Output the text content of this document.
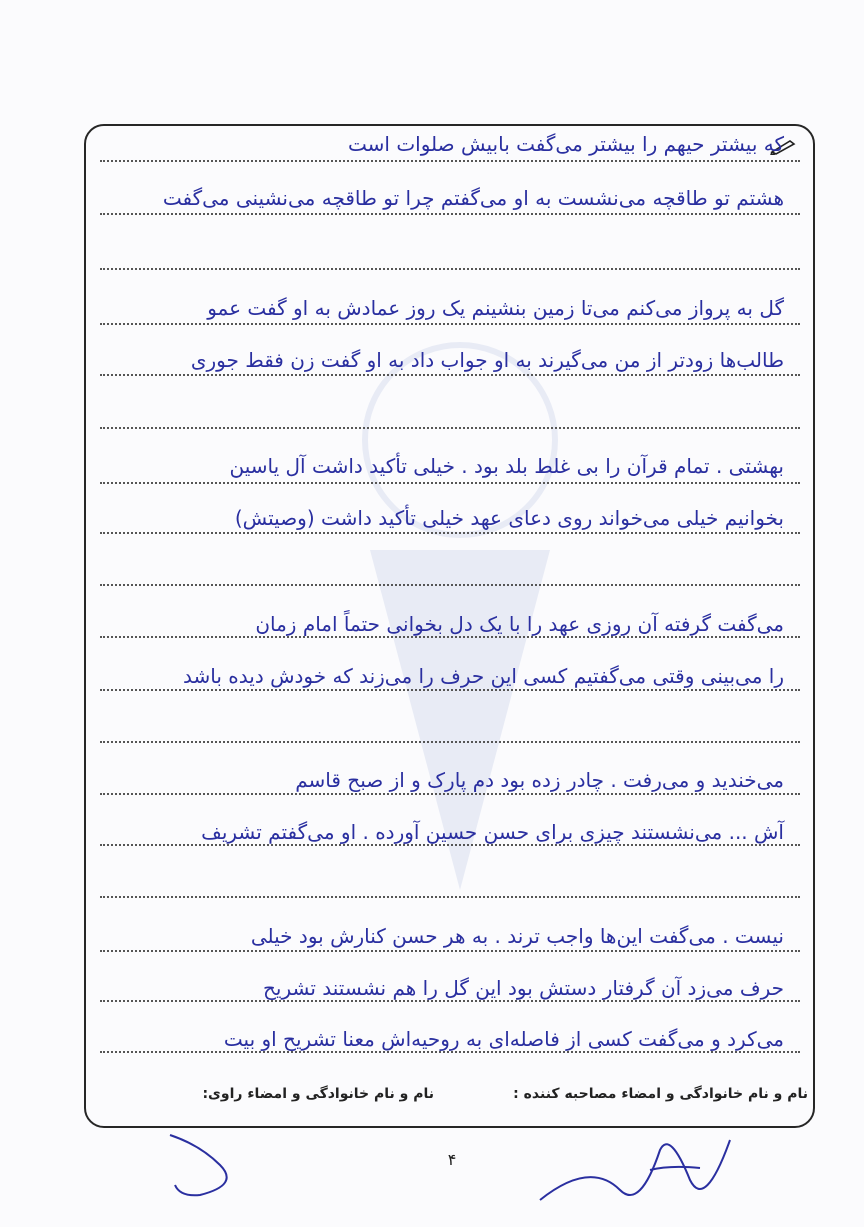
که بیشتر حیهم را بیشتر می‌گفت بابیش صلوات است
هشتم تو طاقچه می‌نشست به او می‌گفتم چرا تو طاقچه می‌نشینی می‌گفت
گل به پرواز می‌کنم می‌تا زمین بنشینم یک روز عمادش به او گفت عمو
طالب‌ها زودتر از من می‌گیرند به او جواب داد به او گفت زن فقط جوری
بهشتی . تمام قرآن را بی غلط بلد بود . خیلی تأکید داشت آل یاسین
بخوانیم خیلی می‌خواند روی دعای عهد خیلی تأکید داشت (وصیتش)
می‌گفت گرفته آن روزی عهد را با یک دل بخوانی حتماً امام زمان
را می‌بینی وقتی می‌گفتیم کسی این حرف را می‌زند که خودش دیده باشد
می‌خندید و می‌رفت . چادر زده بود دم پارک و از صبح قاسم
آش ... می‌نشستند چیزی برای حسن حسین آورده . او می‌گفتم تشریف
نیست . می‌گفت این‌ها واجب ترند . به هر حسن کنارش بود خیلی
حرف می‌زد آن گرفتار دستش بود این گل را هم نشستند تشریح
می‌کرد و می‌گفت کسی از فاصله‌ای به روحیه‌اش معنا تشریح او بیت
نام و نام خانوادگی و امضاء مصاحبه کننده :
نام و نام خانوادگی و امضاء راوی:
۴
